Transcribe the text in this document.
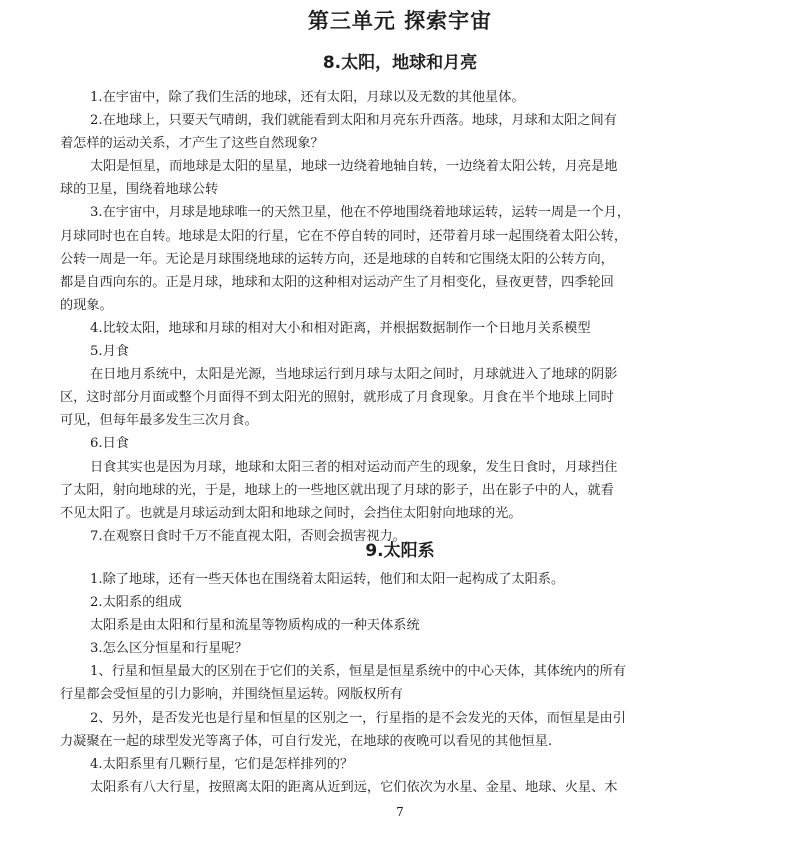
第三单元 探索宇宙
8.太阳，地球和月亮

1.在宇宙中，除了我们生活的地球，还有太阳，月球以及无数的其他星体。

2.在地球上，只要天气晴朗，我们就能看到太阳和月亮东升西落。地球，月球和太阳之间有

着怎样的运动关系，才产生了这些自然现象？

太阳是恒星，而地球是太阳的星星，地球一边绕着地轴自转，一边绕着太阳公转，月亮是地

球的卫星，围绕着地球公转

3.在宇宙中，月球是地球唯一的天然卫星，他在不停地围绕着地球运转，运转一周是一个月，

月球同时也在自转。地球是太阳的行星，它在不停自转的同时，还带着月球一起围绕着太阳公转，

公转一周是一年。无论是月球围绕地球的运转方向，还是地球的自转和它围绕太阳的公转方向，

都是自西向东的。正是月球，地球和太阳的这种相对运动产生了月相变化，昼夜更替，四季轮回

的现象。

4.比较太阳，地球和月球的相对大小和相对距离，并根据数据制作一个日地月关系模型

5.月食

在日地月系统中，太阳是光源，当地球运行到月球与太阳之间时，月球就进入了地球的阴影

区，这时部分月面或整个月面得不到太阳光的照射，就形成了月食现象。月食在半个地球上同时

可见，但每年最多发生三次月食。

6.日食

日食其实也是因为月球，地球和太阳三者的相对运动而产生的现象，发生日食时，月球挡住

了太阳，射向地球的光，于是，地球上的一些地区就出现了月球的影子，出在影子中的人，就看

不见太阳了。也就是月球运动到太阳和地球之间时，会挡住太阳射向地球的光。

7.在观察日食时千万不能直视太阳，否则会损害视力。

9.太阳系

1.除了地球，还有一些天体也在围绕着太阳运转，他们和太阳一起构成了太阳系。

2.太阳系的组成

太阳系是由太阳和行星和流星等物质构成的一种天体系统

3.怎么区分恒星和行星呢？

1、行星和恒星最大的区别在于它们的关系，恒星是恒星系统中的中心天体，其体统内的所有

行星都会受恒星的引力影响，并围绕恒星运转。网版权所有

2、另外，是否发光也是行星和恒星的区别之一，行星指的是不会发光的天体，而恒星是由引

力凝聚在一起的球型发光等离子体，可自行发光，在地球的夜晚可以看见的其他恒星.

4.太阳系里有几颗行星，它们是怎样排列的？

太阳系有八大行星，按照离太阳的距离从近到远，它们依次为水星、金星、地球、火星、木

7
